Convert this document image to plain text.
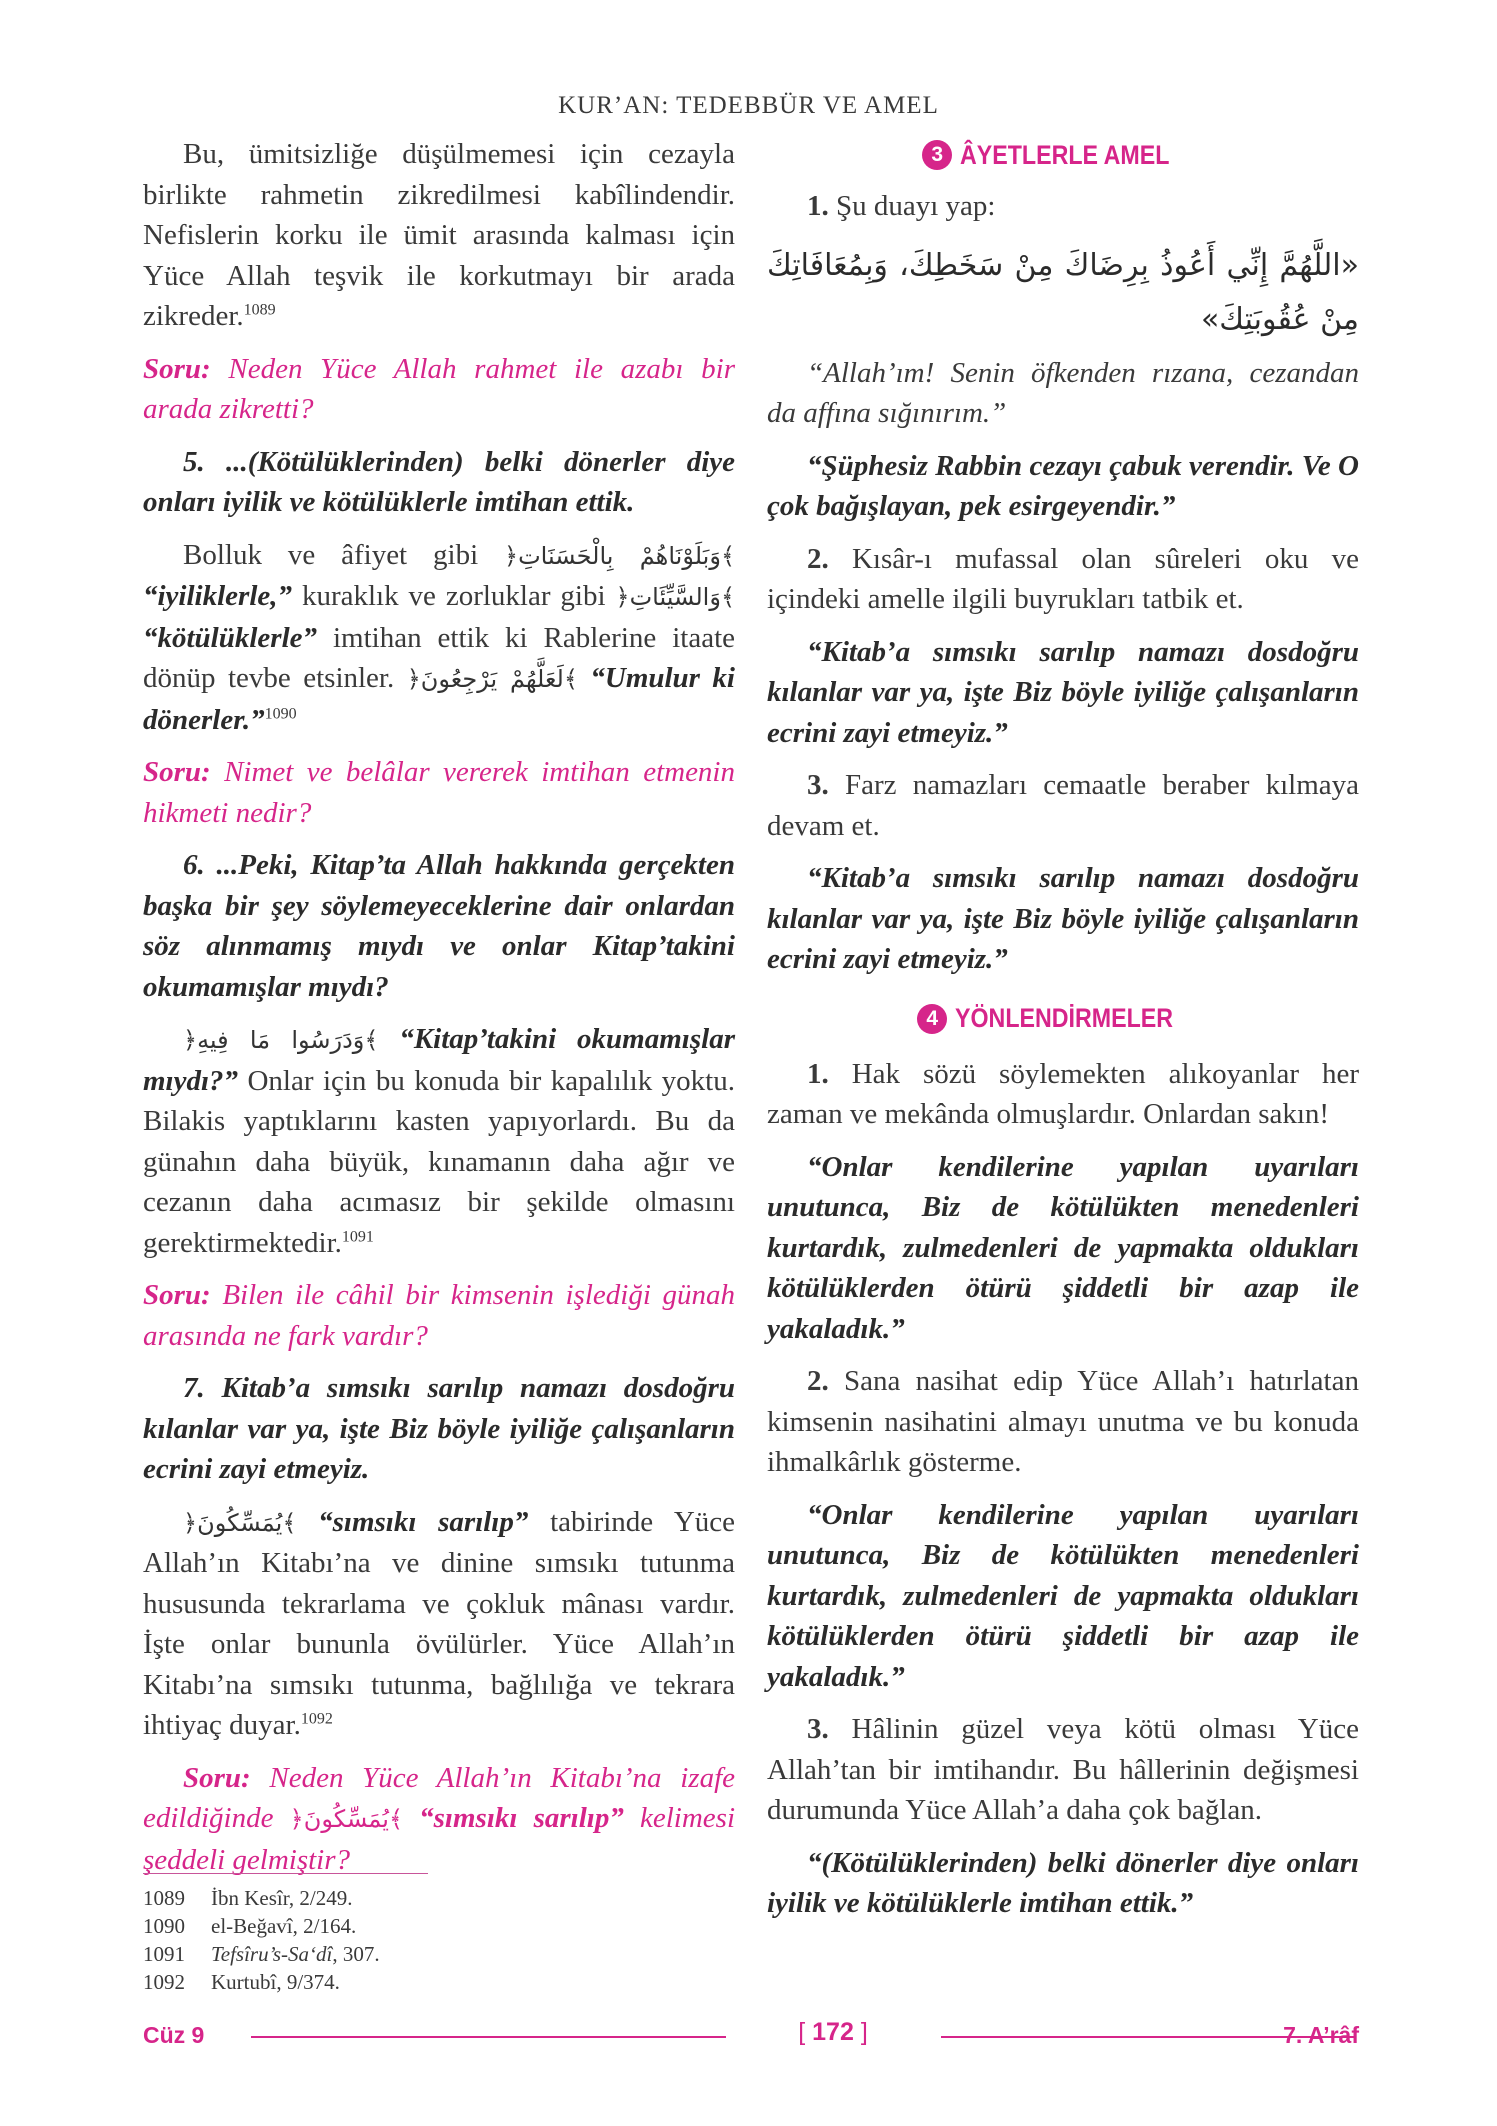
KUR’AN: TEDEBBÜR VE AMEL

Bu, ümitsizliğe düşülmemesi için cezayla birlikte rahmetin zikredilmesi kabîlindendir. Nefislerin korku ile ümit arasında kalması için Yüce Allah teşvik ile korkutmayı bir arada zikreder.$^{1089}$

Soru: Neden Yüce Allah rahmet ile azabı bir arada zikretti?

5. ...(Kötülüklerinden) belki dönerler diye onları iyilik ve kötülüklerle imtihan ettik.

Bolluk ve âfiyet gibi ﴿وَبَلَوْنَاهُمْ بِالْحَسَنَاتِ﴾ “iyiliklerle,” kuraklık ve zorluklar gibi ﴿وَالسَّيِّئَاتِ﴾ “kötülüklerle” imtihan ettik ki Rablerine itaate dönüp tevbe etsinler. ﴿لَعَلَّهُمْ يَرْجِعُونَ﴾ “Umulur ki dönerler.”$^{1090}$

Soru: Nimet ve belâlar vererek imtihan etmenin hikmeti nedir?

6. ...Peki, Kitap’ta Allah hakkında gerçekten başka bir şey söylemeyeceklerine dair onlardan söz alınmamış mıydı ve onlar Kitap’takini okumamışlar mıydı?

﴿وَدَرَسُوا مَا فِيهِ﴾ “Kitap’takini okumamışlar mıydı?” Onlar için bu konuda bir kapalılık yoktu. Bilakis yaptıklarını kasten yapıyorlardı. Bu da günahın daha büyük, kınamanın daha ağır ve cezanın daha acımasız bir şekilde olmasını gerektirmektedir.$^{1091}$

Soru: Bilen ile câhil bir kimsenin işlediği günah arasında ne fark vardır?

7. Kitab’a sımsıkı sarılıp namazı dosdoğru kılanlar var ya, işte Biz böyle iyiliğe çalışanların ecrini zayi etmeyiz.

﴿يُمَسِّكُونَ﴾ “sımsıkı sarılıp” tabirinde Yüce Allah’ın Kitabı’na ve dinine sımsıkı tutunma hususunda tekrarlama ve çokluk mânası vardır. İşte onlar bununla övülürler. Yüce Allah’ın Kitabı’na sımsıkı tutunma, bağlılığa ve tekrara ihtiyaç duyar.$^{1092}$

Soru: Neden Yüce Allah’ın Kitabı’na izafe edildiğinde ﴿يُمَسِّكُونَ﴾ “sımsıkı sarılıp” kelimesi şeddeli gelmiştir?

1089	İbn Kesîr, 2/249.
1090	el-Beğavî, 2/164.
1091	Tefsîru’s-Sa‘dî, 307.
1092	Kurtubî, 9/374.
3 ÂYETLERLE AMEL

1. Şu duayı yap:

«اللَّهُمَّ إِنِّي أَعُوذُ بِرِضَاكَ مِنْ سَخَطِكَ، وَبِمُعَافَاتِكَ مِنْ عُقُوبَتِكَ»

“Allah’ım! Senin öfkenden rızana, cezandan da affına sığınırım.”

“Şüphesiz Rabbin cezayı çabuk verendir. Ve O çok bağışlayan, pek esirgeyendir.”

2. Kısâr-ı mufassal olan sûreleri oku ve içindeki amelle ilgili buyrukları tatbik et.

“Kitab’a sımsıkı sarılıp namazı dosdoğru kılanlar var ya, işte Biz böyle iyiliğe çalışanların ecrini zayi etmeyiz.”

3. Farz namazları cemaatle beraber kılmaya devam et.

“Kitab’a sımsıkı sarılıp namazı dosdoğru kılanlar var ya, işte Biz böyle iyiliğe çalışanların ecrini zayi etmeyiz.”

4 YÖNLENDİRMELER

1. Hak sözü söylemekten alıkoyanlar her zaman ve mekânda olmuşlardır. Onlardan sakın!

“Onlar kendilerine yapılan uyarıları unutunca, Biz de kötülükten menedenleri kurtardık, zulmedenleri de yapmakta oldukları kötülüklerden ötürü şiddetli bir azap ile yakaladık.”

2. Sana nasihat edip Yüce Allah’ı hatırlatan kimsenin nasihatini almayı unutma ve bu konuda ihmalkârlık gösterme.

“Onlar kendilerine yapılan uyarıları unutunca, Biz de kötülükten menedenleri kurtardık, zulmedenleri de yapmakta oldukları kötülüklerden ötürü şiddetli bir azap ile yakaladık.”

3. Hâlinin güzel veya kötü olması Yüce Allah’tan bir imtihandır. Bu hâllerinin değişmesi durumunda Yüce Allah’a daha çok bağlan.

“(Kötülüklerinden) belki dönerler diye onları iyilik ve kötülüklerle imtihan ettik.”

Cüz 9	[ 172 ]	7. A’râf
